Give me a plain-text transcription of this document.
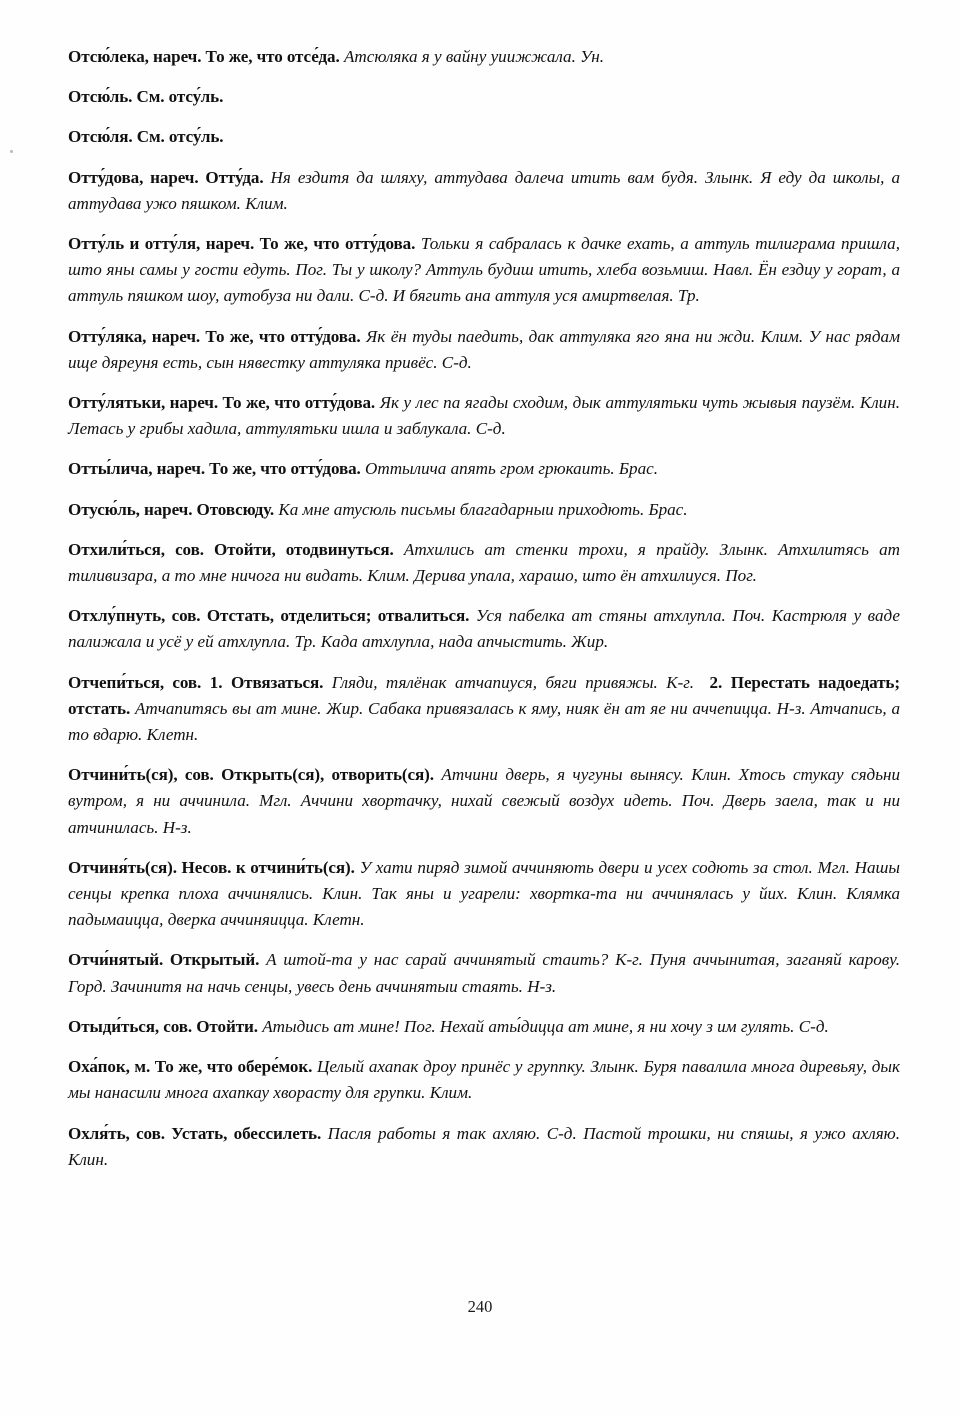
Отсю́лека, нареч. То же, что отсе́да. Атсюляка я у вайну уиижжала. Ун.

Отсю́ль. См. отсу́ль.

Отсю́ля. См. отсу́ль.

Отту́дова, нареч. Отту́да. Ня ездитя да шляху, аттудава далеча итить вам будя. Злынк. Я еду да школы, а аттудава ужо пяшком. Клим.

Отту́ль и отту́ля, нареч. То же, что отту́дова. Тольки я сабралась к дачке ехать, а аттуль тилиграма пришла, што яны самы у гости едуть. Пог. Ты у школу? Аттуль будиш итить, хлеба возьмиш. Навл. Ён ездиу у горат, а аттуль пяшком шоу, аутобуза ни дали. С-д. И бягить ана аттуля уся амиртвелая. Тр.

Отту́ляка, нареч. То же, что отту́дова. Як ён туды паедить, дак аттуляка яго яна ни жди. Клим. У нас рядам ище дяреуня есть, сын нявестку аттуляка привёс. С-д.

Отту́лятьки, нареч. То же, что отту́дова. Як у лес па ягады сходим, дык аттулятьки чуть жывыя паузём. Клин. Летась у грибы хадила, аттулятьки ишла и заблукала. С-д.

Отты́лича, нареч. То же, что отту́дова. Оттылича апять гром грюкаить. Брас.

Отусю́ль, нареч. Отовсюду. Ка мне атусюль письмы благадарныи приходють. Брас.

Отхили́ться, сов. Отойти, отодвинуться. Атхились ат стенки трохи, я прайду. Злынк. Атхилитясь ат тиливизара, а то мне ничога ни видать. Клим. Дерива упала, харашо, што ён атхилиуся. Пог.

Отхлу́пнуть, сов. Отстать, отделиться; отвалиться. Уся пабелка ат стяны атхлупла. Поч. Кастрюля у ваде палижала и усё у ей атхлупла. Тр. Када атхлупла, нада апчыстить. Жир.

Отчепи́ться, сов. 1. Отвязаться. Гляди, тялёнак атчапиуся, бяги привяжы. К-г. 2. Перестать надоедать; отстать. Атчапитясь вы ат мине. Жир. Сабака привязалась к яму, нияк ён ат яе ни аччепицца. Н-з. Атчапись, а то вдарю. Клетн.

Отчини́ть(ся), сов. Открыть(ся), отворить(ся). Атчини дверь, я чугуны вынясу. Клин. Хтось стукау сядьни вутром, я ни аччинила. Мгл. Аччини хвортачку, нихай свежый воздух идеть. Поч. Дверь заела, так и ни атчинилась. Н-з.

Отчиня́ть(ся). Несов. к отчини́ть(ся). У хати пиряд зимой аччиняють двери и усех содють за стол. Мгл. Нашы сенцы крепка плоха аччинялись. Клин. Так яны и угарели: хвортка-та ни аччинялась у йих. Клин. Клямка падымаицца, дверка аччиняицца. Клетн.

Отчи́нятый. Открытый. А штой-та у нас сарай аччинятый стаить? К-г. Пуня аччынитая, заганяй карову. Горд. Зачинитя на начь сенцы, увесь день аччинятыи стаять. Н-з.

Отыди́ться, сов. Отойти. Атыдись ат мине! Пог. Нехай аты́дицца ат мине, я ни хочу з им гулять. С-д.

Оха́пок, м. То же, что обере́мок. Целый ахапак дроу принёс у группку. Злынк. Буря павалила многа диревьяу, дык мы нанасили многа ахапкау хворасту для групки. Клим.

Охля́ть, сов. Устать, обессилеть. Пасля работы я так ахляю. С-д. Пастой трошки, ни спяшы, я ужо ахляю. Клин.

240
